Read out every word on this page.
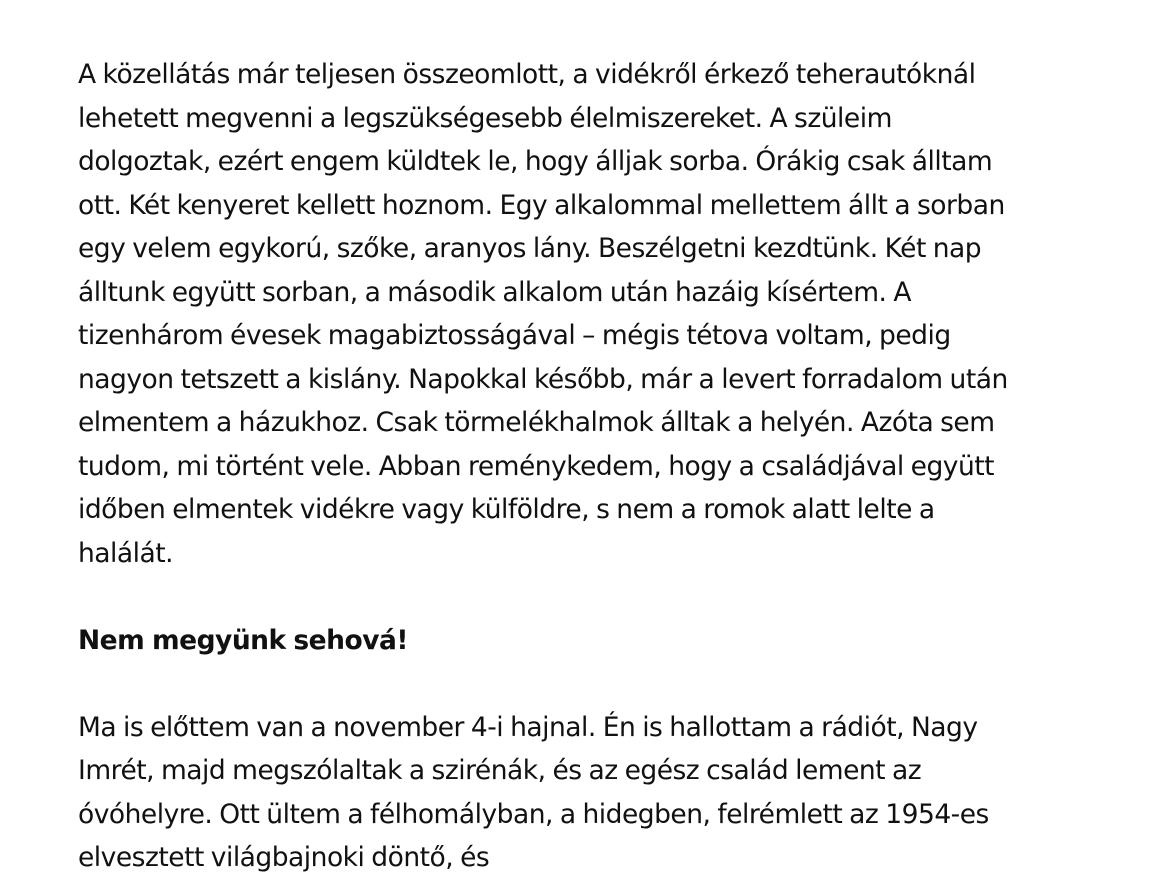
A közellátás már teljesen összeomlott, a vidékről érkező teherautóknál
lehetett megvenni a legszükségesebb élelmiszereket. A szüleim
dolgoztak, ezért engem küldtek le, hogy álljak sorba. Órákig csak álltam
ott. Két kenyeret kellett hoznom. Egy alkalommal mellettem állt a sorban
egy velem egykorú, szőke, aranyos lány. Beszélgetni kezdtünk. Két nap
álltunk együtt sorban, a második alkalom után hazáig kísértem. A
tizenhárom évesek magabiztosságával – mégis tétova voltam, pedig
nagyon tetszett a kislány. Napokkal később, már a levert forradalom után
elmentem a házukhoz. Csak törmelékhalmok álltak a helyén. Azóta sem
tudom, mi történt vele. Abban reménykedem, hogy a családjával együtt
időben elmentek vidékre vagy külföldre, s nem a romok alatt lelte a
halálát.

Nem megyünk sehová!

Ma is előttem van a november 4-i hajnal. Én is hallottam a rádiót, Nagy
Imrét, majd megszólaltak a szirénák, és az egész család lement az
óvóhelyre. Ott ültem a félhomályban, a hidegben, felrémlett az 1954-es
elvesztett világbajnoki döntő, és
